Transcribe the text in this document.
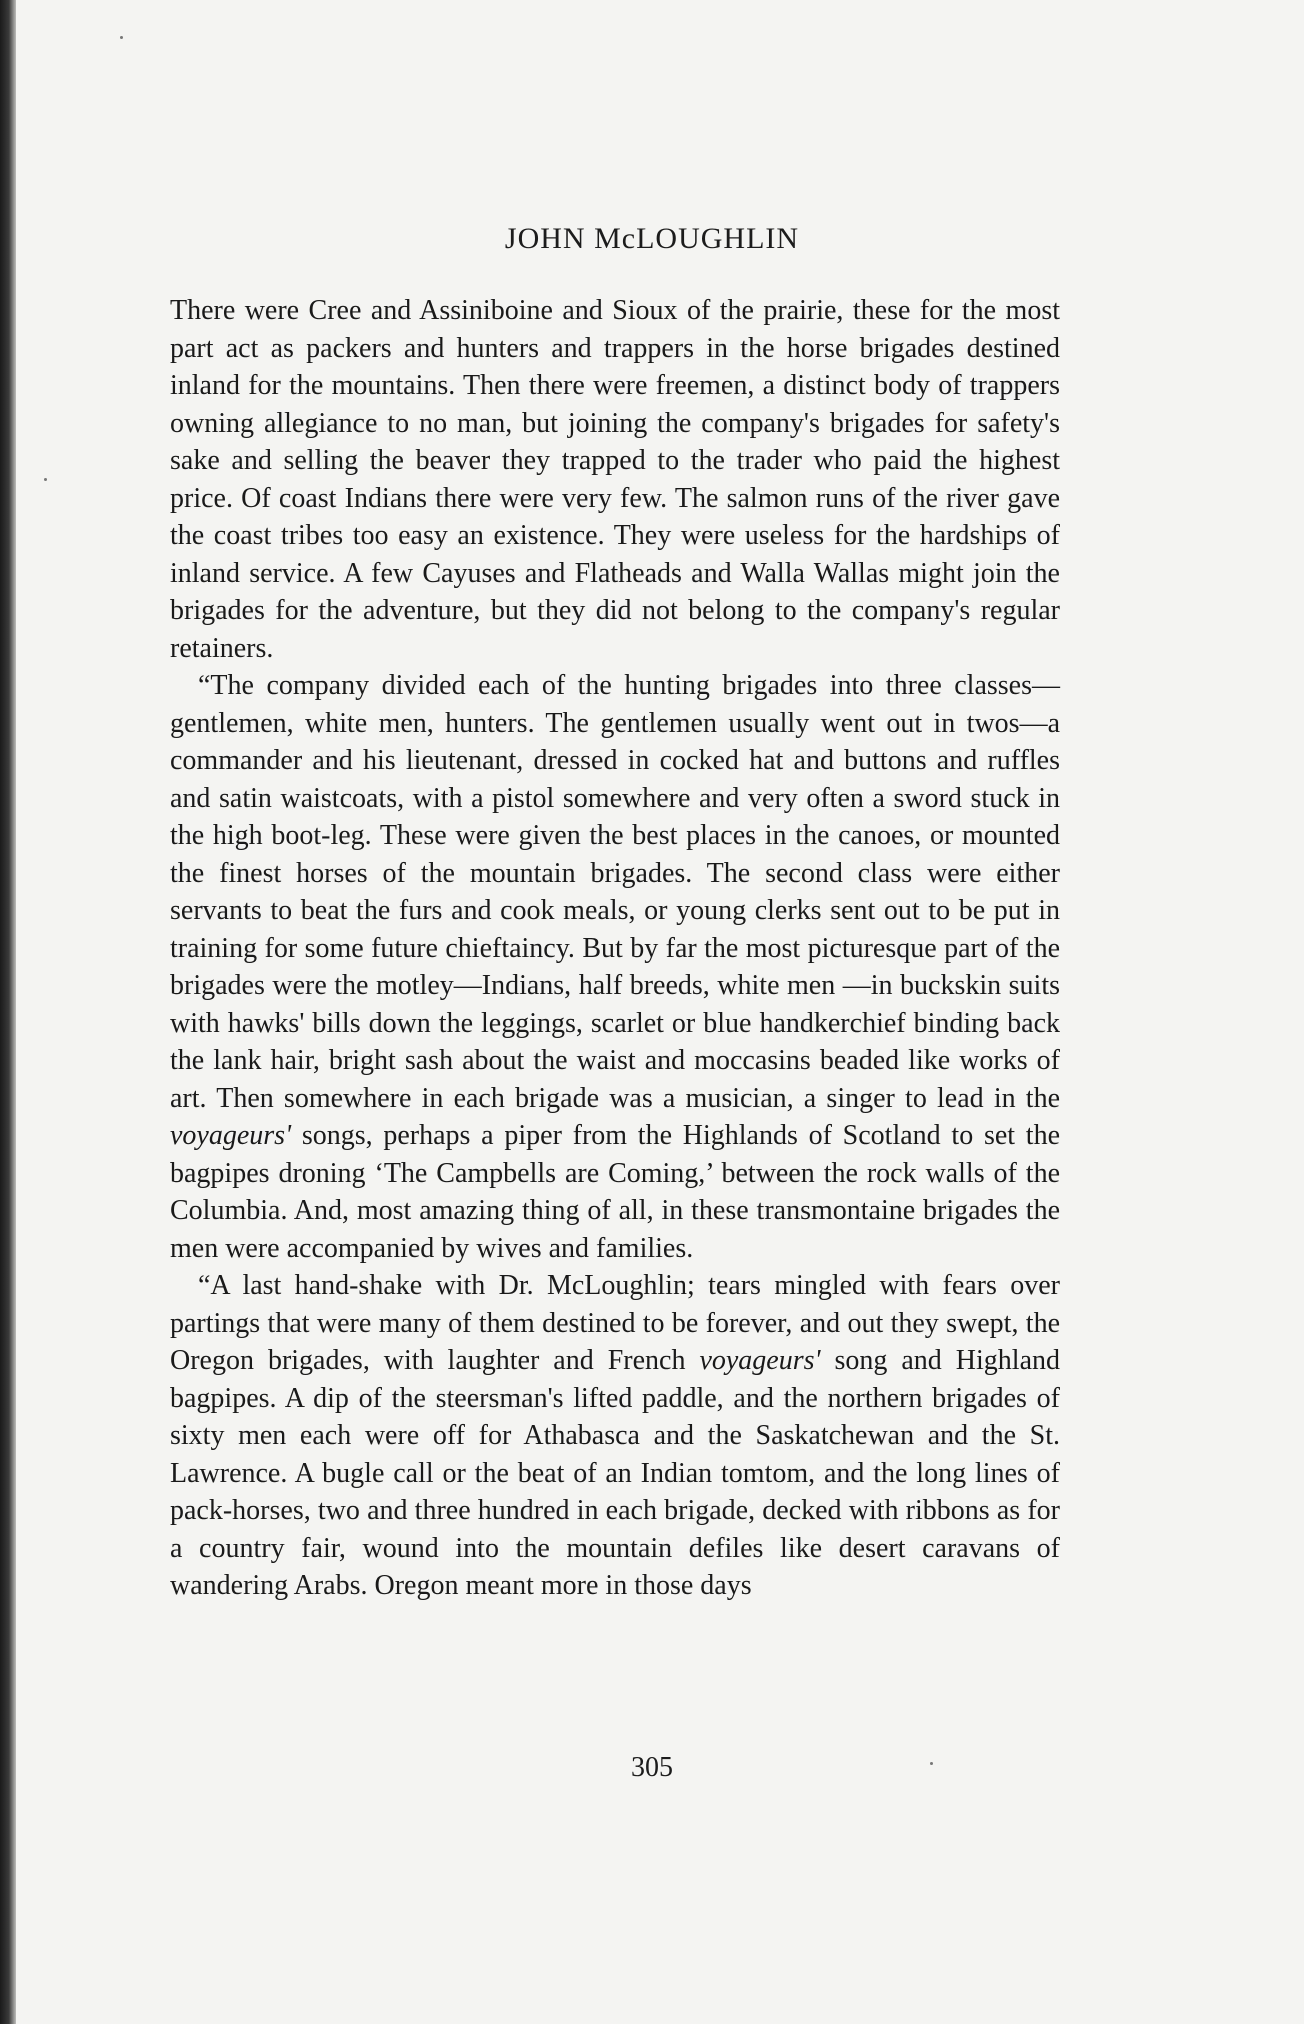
JOHN McLOUGHLIN

There were Cree and Assiniboine and Sioux of the prairie, these for the most part act as packers and hunters and trappers in the horse brigades destined inland for the mountains. Then there were freemen, a distinct body of trappers owning allegiance to no man, but joining the company's brigades for safety's sake and selling the beaver they trapped to the trader who paid the highest price. Of coast Indians there were very few. The salmon runs of the river gave the coast tribes too easy an existence. They were useless for the hardships of inland service. A few Cayuses and Flatheads and Walla Wallas might join the brigades for the adventure, but they did not belong to the company's regular retainers.

“The company divided each of the hunting brigades into three classes—gentlemen, white men, hunters. The gentlemen usually went out in twos—a commander and his lieutenant, dressed in cocked hat and buttons and ruffles and satin waistcoats, with a pistol somewhere and very often a sword stuck in the high boot-leg. These were given the best places in the canoes, or mounted the finest horses of the mountain brigades. The second class were either servants to beat the furs and cook meals, or young clerks sent out to be put in training for some future chieftaincy. But by far the most picturesque part of the brigades were the motley—Indians, half breeds, white men —in buckskin suits with hawks' bills down the leggings, scarlet or blue handkerchief binding back the lank hair, bright sash about the waist and moccasins beaded like works of art. Then somewhere in each brigade was a musician, a singer to lead in the voyageurs' songs, perhaps a piper from the Highlands of Scotland to set the bagpipes droning ‘The Campbells are Coming,’ between the rock walls of the Columbia. And, most amazing thing of all, in these transmontaine brigades the men were accompanied by wives and families.

“A last hand-shake with Dr. McLoughlin; tears mingled with fears over partings that were many of them destined to be forever, and out they swept, the Oregon brigades, with laughter and French voyageurs' song and Highland bagpipes. A dip of the steersman's lifted paddle, and the northern brigades of sixty men each were off for Athabasca and the Saskatchewan and the St. Lawrence. A bugle call or the beat of an Indian tomtom, and the long lines of pack-horses, two and three hundred in each brigade, decked with ribbons as for a country fair, wound into the mountain defiles like desert caravans of wandering Arabs. Oregon meant more in those days

305
